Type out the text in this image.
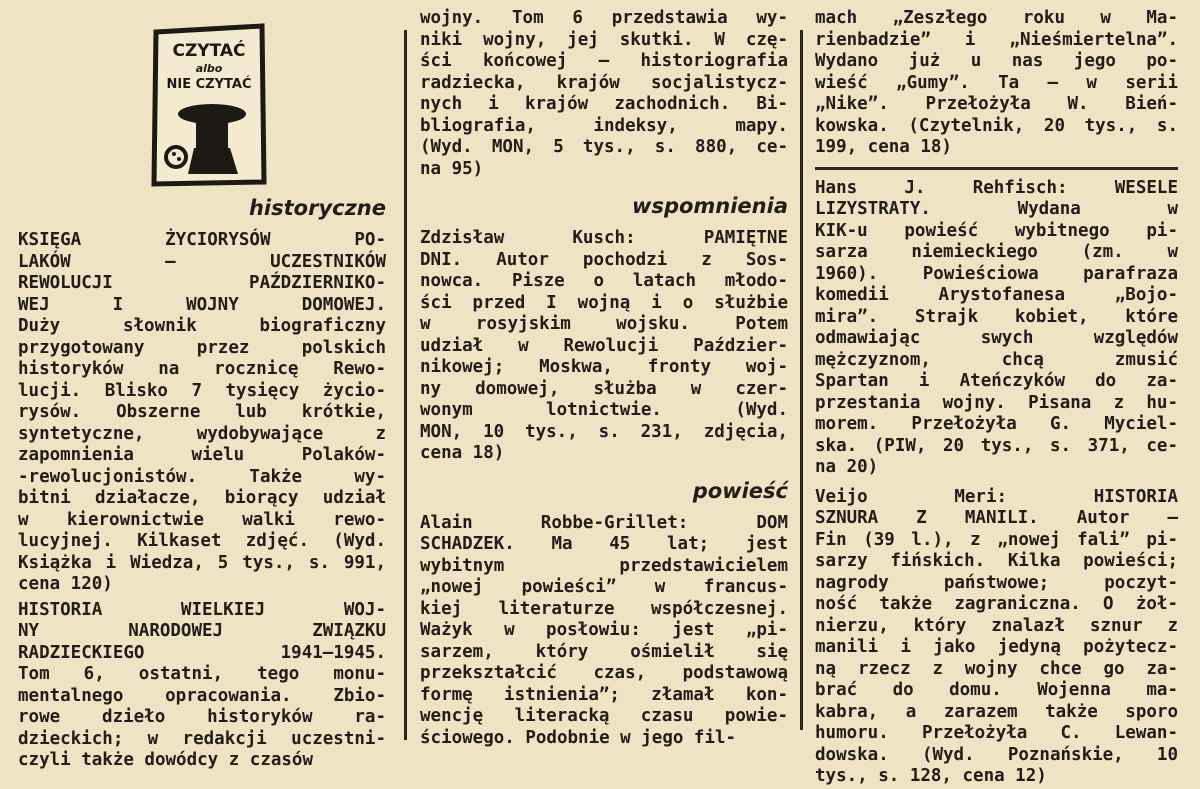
CZYTAĆ
albo
NIE CZYTAĆ

historyczne

KSIĘGA ŻYCIORYSÓW PO-
LAKÓW — UCZESTNIKÓW
REWOLUCJI PAŹDZIERNIKO-
WEJ I WOJNY DOMOWEJ.
Duży słownik biograficzny
przygotowany przez polskich
historyków na rocznicę Rewo-
lucji. Blisko 7 tysięcy życio-
rysów. Obszerne lub krótkie,
syntetyczne, wydobywające z
zapomnienia wielu Polaków-
-rewolucjonistów. Także wy-
bitni działacze, biorący udział
w kierownictwie walki rewo-
lucyjnej. Kilkaset zdjęć. (Wyd.
Książka i Wiedza, 5 tys., s. 991,
cena 120)
HISTORIA WIELKIEJ WOJ-
NY NARODOWEJ ZWIĄZKU
RADZIECKIEGO 1941—1945.
Tom 6, ostatni, tego monu-
mentalnego opracowania. Zbio-
rowe dzieło historyków ra-
dzieckich; w redakcji uczestni-
czyli także dowódcy z czasów
wojny. Tom 6 przedstawia wy-
niki wojny, jej skutki. W czę-
ści końcowej — historiografia
radziecka, krajów socjalistycz-
nych i krajów zachodnich. Bi-
bliografia, indeksy, mapy.
(Wyd. MON, 5 tys., s. 880, ce-
na 95)

wspomnienia

Zdzisław Kusch: PAMIĘTNE
DNI. Autor pochodzi z Sos-
nowca. Pisze o latach młodo-
ści przed I wojną i o służbie
w rosyjskim wojsku. Potem
udział w Rewolucji Paździer-
nikowej; Moskwa, fronty woj-
ny domowej, służba w czer-
wonym lotnictwie. (Wyd.
MON, 10 tys., s. 231, zdjęcia,
cena 18)

powieść

Alain Robbe-Grillet: DOM
SCHADZEK. Ma 45 lat; jest
wybitnym przedstawicielem
„nowej powieści” w francus-
kiej literaturze współczesnej.
Ważyk w posłowiu: jest „pi-
sarzem, który ośmielił się
przekształcić czas, podstawową
formę istnienia”; złamał kon-
wencję literacką czasu powie-
ściowego. Podobnie w jego fil-
mach „Zeszłego roku w Ma-
rienbadzie” i „Nieśmiertelna”.
Wydano już u nas jego po-
wieść „Gumy”. Ta — w serii
„Nike”. Przełożyła W. Bień-
kowska. (Czytelnik, 20 tys., s.
199, cena 18)
Hans J. Rehfisch: WESELE
LIZYSTRATY. Wydana w
KIK-u powieść wybitnego pi-
sarza niemieckiego (zm. w
1960). Powieściowa parafraza
komedii Arystofanesa „Bojo-
mira”. Strajk kobiet, które
odmawiając swych względów
mężczyznom, chcą zmusić
Spartan i Ateńczyków do za-
przestania wojny. Pisana z hu-
morem. Przełożyła G. Myciel-
ska. (PIW, 20 tys., s. 371, ce-
na 20)
Veijo Meri: HISTORIA
SZNURA Z MANILI. Autor —
Fin (39 l.), z „nowej fali” pi-
sarzy fińskich. Kilka powieści;
nagrody państwowe; poczyt-
ność także zagraniczna. O żoł-
nierzu, który znalazł sznur z
manili i jako jedyną pożytecz-
ną rzecz z wojny chce go za-
brać do domu. Wojenna ma-
kabra, a zarazem także sporo
humoru. Przełożyła C. Lewan-
dowska. (Wyd. Poznańskie, 10
tys., s. 128, cena 12)
